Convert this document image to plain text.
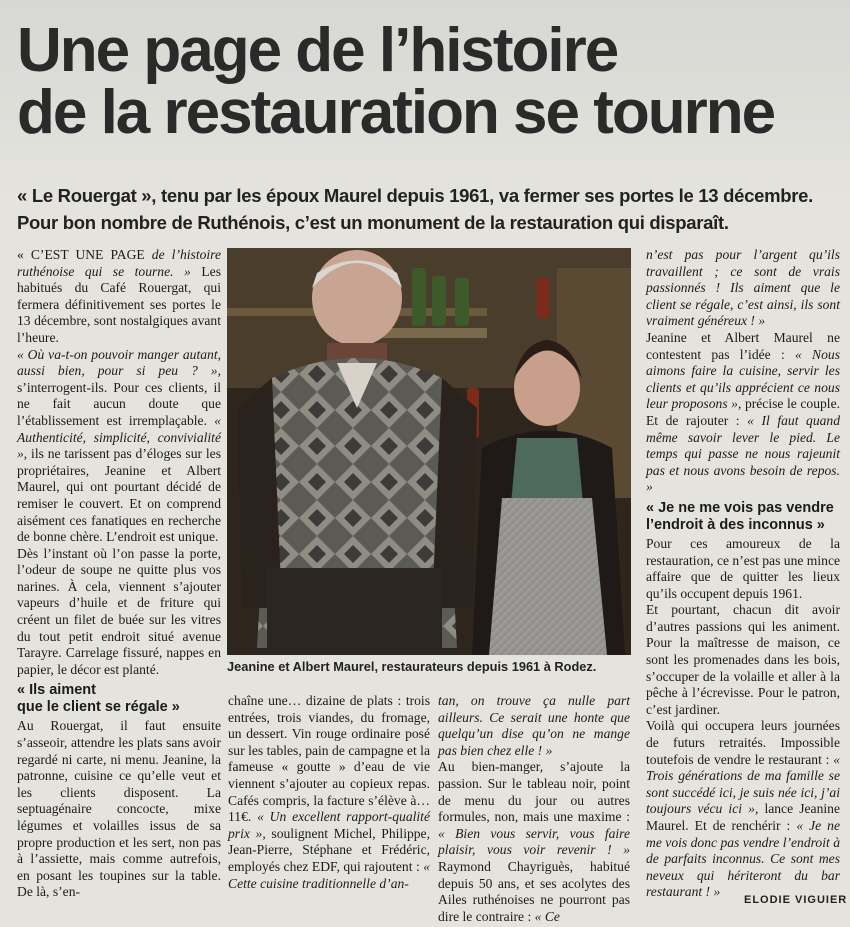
Une page de l’histoire
de la restauration se tourne
« Le Rouergat », tenu par les époux Maurel depuis 1961, va fermer ses portes le 13 décembre.
Pour bon nombre de Ruthénois, c’est un monument de la restauration qui disparaît.

« C’EST UNE PAGE de l’histoire ruthénoise qui se tourne. » Les habitués du Café Rouergat, qui fermera définitivement ses portes le 13 décembre, sont nostalgiques avant l’heure.

« Où va-t-on pouvoir manger autant, aussi bien, pour si peu ? », s’interrogent-ils. Pour ces clients, il ne fait aucun doute que l’établissement est irremplaçable. « Authenticité, simplicité, convivialité », ils ne tarissent pas d’éloges sur les propriétaires, Jeanine et Albert Maurel, qui ont pourtant décidé de remiser le couvert. Et on comprend aisément ces fanatiques en recherche de bonne chère. L’endroit est unique.

Dès l’instant où l’on passe la porte, l’odeur de soupe ne quitte plus vos narines. À cela, viennent s’ajouter vapeurs d’huile et de friture qui créent un filet de buée sur les vitres du tout petit endroit situé avenue Tarayre. Carrelage fissuré, nappes en papier, le décor est planté.

« Ils aiment
que le client se régale »

Au Rouergat, il faut ensuite s’asseoir, attendre les plats sans avoir regardé ni carte, ni menu. Jeanine, la patronne, cuisine ce qu’elle veut et les clients disposent. La septuagénaire concocte, mixe légumes et volailles issus de sa propre production et les sert, non pas à l’assiette, mais comme autrefois, en posant les toupines sur la table. De là, s’en-

Jeanine et Albert Maurel, restaurateurs depuis 1961 à Rodez.

chaîne une… dizaine de plats : trois entrées, trois viandes, du fromage, un dessert. Vin rouge ordinaire posé sur les tables, pain de campagne et la fameuse « goutte » d’eau de vie viennent s’ajouter au copieux repas. Cafés compris, la facture s’élève à… 11€. « Un excellent rapport-qualité prix », soulignent Michel, Philippe, Jean-Pierre, Stéphane et Frédéric, employés chez EDF, qui rajoutent : « Cette cuisine traditionnelle d’an-

tan, on trouve ça nulle part ailleurs. Ce serait une honte que quelqu’un dise qu’on ne mange pas bien chez elle ! »

Au bien-manger, s’ajoute la passion. Sur le tableau noir, point de menu du jour ou autres formules, non, mais une maxime : « Bien vous servir, vous faire plaisir, vous voir revenir ! » Raymond Chayriguès, habitué depuis 50 ans, et ses acolytes des Ailes ruthénoises ne pourront pas dire le contraire : « Ce

n’est pas pour l’argent qu’ils travaillent ; ce sont de vrais passionnés ! Ils aiment que le client se régale, c’est ainsi, ils sont vraiment généreux ! »

Jeanine et Albert Maurel ne contestent pas l’idée : « Nous aimons faire la cuisine, servir les clients et qu’ils apprécient ce nous leur proposons », précise le couple. Et de rajouter : « Il faut quand même savoir lever le pied. Le temps qui passe ne nous rajeunit pas et nous avons besoin de repos. »

« Je ne me vois pas vendre
l’endroit à des inconnus »

Pour ces amoureux de la restauration, ce n’est pas une mince affaire que de quitter les lieux qu’ils occupent depuis 1961.

Et pourtant, chacun dit avoir d’autres passions qui les animent. Pour la maîtresse de maison, ce sont les promenades dans les bois, s’occuper de la volaille et aller à la pêche à l’écrevisse. Pour le patron, c’est jardiner.

Voilà qui occupera leurs journées de futurs retraités. Impossible toutefois de vendre le restaurant : « Trois générations de ma famille se sont succédé ici, je suis née ici, j’ai toujours vécu ici », lance Jeanine Maurel. Et de renchérir : « Je ne me vois donc pas vendre l’endroit à de parfaits inconnus. Ce sont mes neveux qui hériteront du bar restaurant ! »

ELODIE VIGUIER
